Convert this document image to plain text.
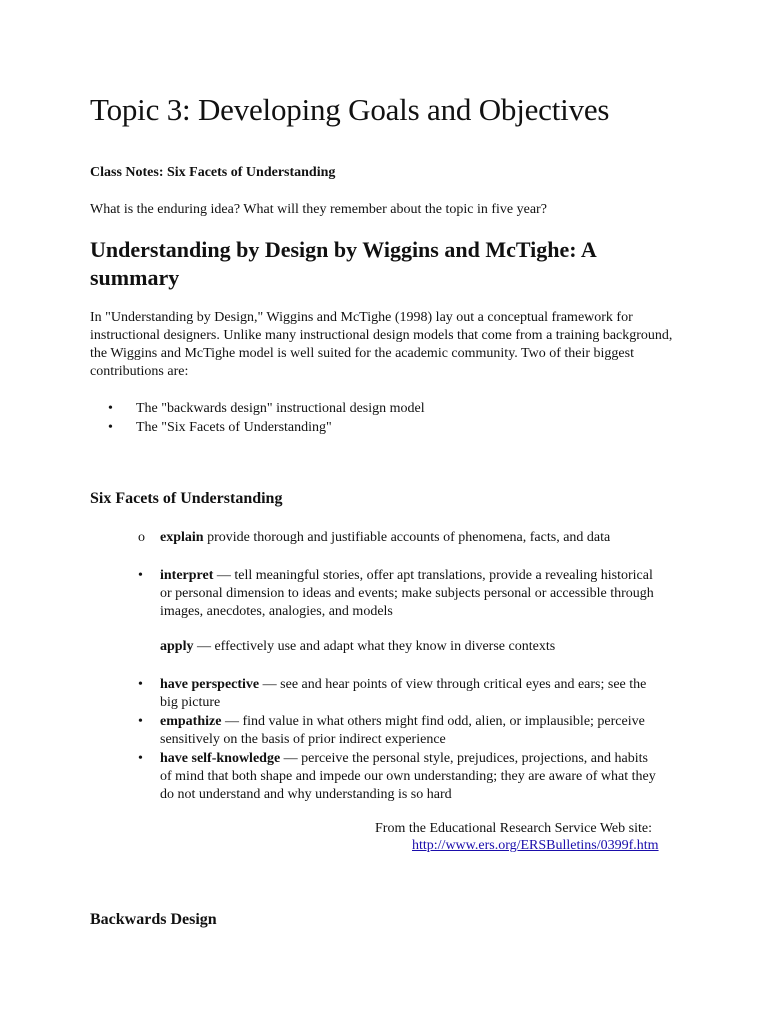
Topic 3: Developing Goals and Objectives

Class Notes: Six Facets of Understanding

What is the enduring idea? What will they remember about the topic in five year?

Understanding by Design by Wiggins and McTighe: A summary

In "Understanding by Design," Wiggins and McTighe (1998) lay out a conceptual framework for instructional designers. Unlike many instructional design models that come from a training background, the Wiggins and McTighe model is well suited for the academic community. Two of their biggest contributions are:

• The "backwards design" instructional design model
• The "Six Facets of Understanding"
Six Facets of Understanding

o explain provide thorough and justifiable accounts of phenomena, facts, and data

• interpret — tell meaningful stories, offer apt translations, provide a revealing historical or personal dimension to ideas and events; make subjects personal or accessible through images, anecdotes, analogies, and models

apply — effectively use and adapt what they know in diverse contexts

• have perspective — see and hear points of view through critical eyes and ears; see the big picture

• empathize — find value in what others might find odd, alien, or implausible; perceive sensitively on the basis of prior indirect experience

• have self-knowledge — perceive the personal style, prejudices, projections, and habits of mind that both shape and impede our own understanding; they are aware of what they do not understand and why understanding is so hard

From the Educational Research Service Web site:

http://www.ers.org/ERSBulletins/0399f.htm
Backwards Design
